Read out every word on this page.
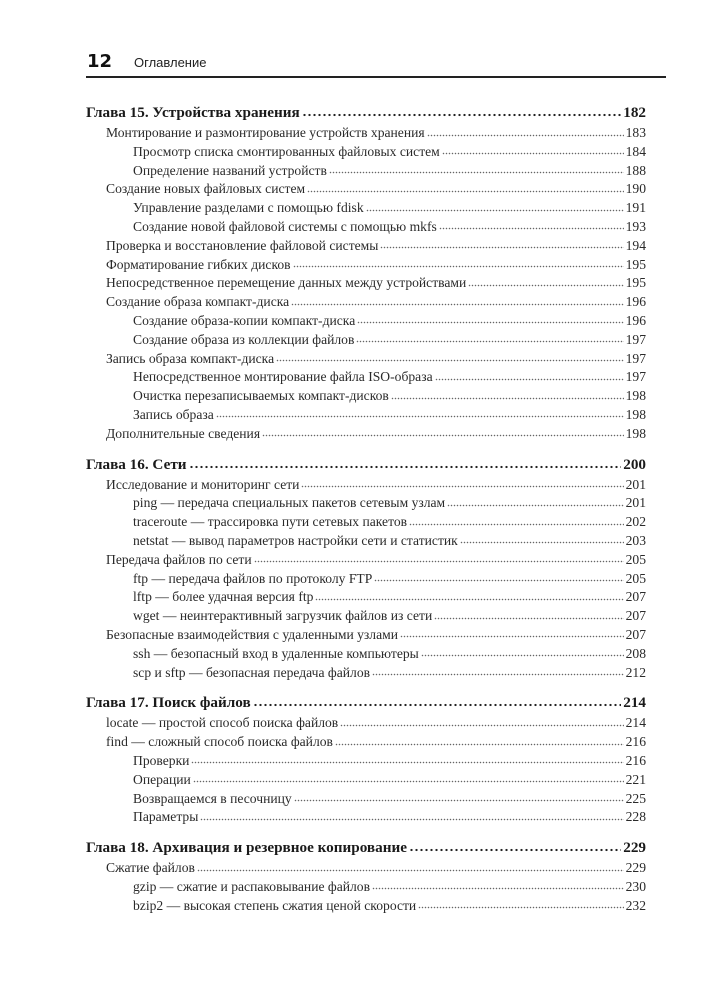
12 Оглавление
Глава 15. Устройства хранения	182
Монтирование и размонтирование устройств хранения	183
Просмотр списка смонтированных файловых систем	184
Определение названий устройств	188
Создание новых файловых систем	190
Управление разделами с помощью fdisk	191
Создание новой файловой системы с помощью mkfs	193
Проверка и восстановление файловой системы	194
Форматирование гибких дисков	195
Непосредственное перемещение данных между устройствами	195
Создание образа компакт-диска	196
Создание образа-копии компакт-диска	196
Создание образа из коллекции файлов	197
Запись образа компакт-диска	197
Непосредственное монтирование файла ISO-образа	197
Очистка перезаписываемых компакт-дисков	198
Запись образа	198
Дополнительные сведения	198
Глава 16. Сети	200
Исследование и мониторинг сети	201
ping — передача специальных пакетов сетевым узлам	201
traceroute — трассировка пути сетевых пакетов	202
netstat — вывод параметров настройки сети и статистик	203
Передача файлов по сети	205
ftp — передача файлов по протоколу FTP	205
lftp — более удачная версия ftp	207
wget — неинтерактивный загрузчик файлов из сети	207
Безопасные взаимодействия с удаленными узлами	207
ssh — безопасный вход в удаленные компьютеры	208
scp и sftp — безопасная передача файлов	212
Глава 17. Поиск файлов	214
locate — простой способ поиска файлов	214
find — сложный способ поиска файлов	216
Проверки	216
Операции	221
Возвращаемся в песочницу	225
Параметры	228
Глава 18. Архивация и резервное копирование	229
Сжатие файлов	229
gzip — сжатие и распаковывание файлов	230
bzip2 — высокая степень сжатия ценой скорости	232
